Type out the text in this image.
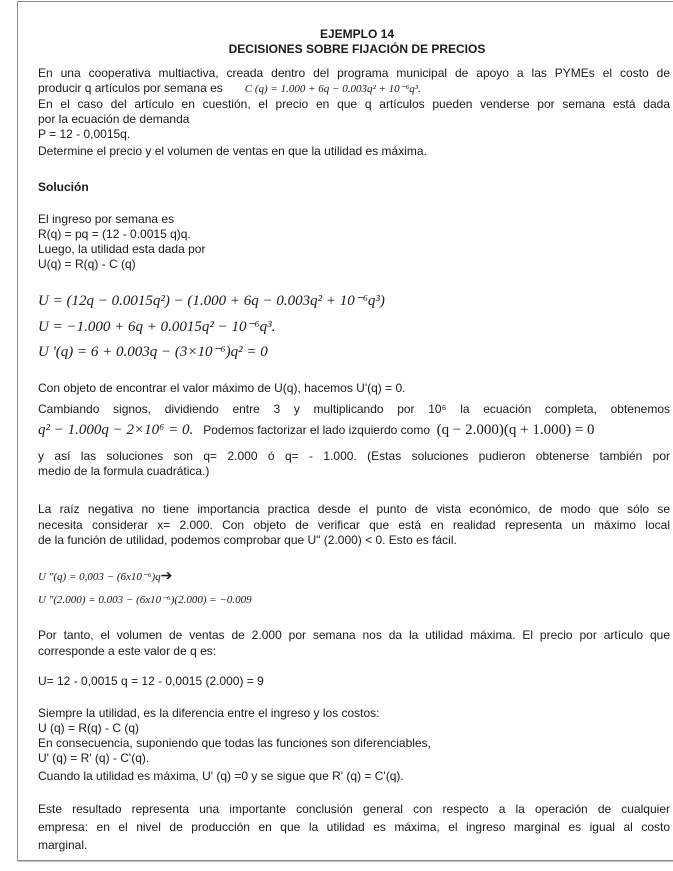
EJEMPLO 14
DECISIONES SOBRE FIJACIÓN DE PRECIOS
En una cooperativa multiactiva, creada dentro del programa municipal de apoyo a las PYMEs el costo de
producir q artículos por semana es C (q) = 1.000 + 6q − 0.003q² + 10⁻⁶q³.
En el caso del artículo en cuestión, el precio en que q artículos pueden venderse por semana está dada
por la ecuación de demanda
P = 12 - 0,0015q.
Determine el precio y el volumen de ventas en que la utilidad es máxima.
Solución
El ingreso por semana es
R(q) = pq = (12 - 0.0015 q)q.
Luego, la utilidad esta dada por
U(q) = R(q) - C (q)
U = (12q − 0.0015q²) − (1.000 + 6q − 0.003q² + 10⁻⁶q³)
U = −1.000 + 6q + 0.0015q² − 10⁻⁶q³.
U '(q) = 6 + 0.003q − (3×10⁻⁶)q² = 0
Con objeto de encontrar el valor máximo de U(q), hacemos U'(q) = 0.
Cambiando signos, dividiendo entre 3 y multiplicando por 10⁶ la ecuación completa, obtenemos
q² − 1.000q − 2×10⁶ = 0. Podemos factorizar el lado izquierdo como (q − 2.000)(q + 1.000) = 0
y así las soluciones son q= 2.000 ó q= - 1.000. (Estas soluciones pudieron obtenerse también por
medio de la formula cuadrática.)
La raíz negativa no tiene importancia practica desde el punto de vista económico, de modo que sólo se
necesita considerar x= 2.000. Con objeto de verificar que está en realidad representa un máximo local
de la función de utilidad, podemos comprobar que U" (2.000) < 0. Esto es fácil.
U ''(q) = 0,003 − (6x10⁻⁶)q➔
U ''(2.000) = 0.003 − (6x10⁻⁶)(2.000) = −0.009
Por tanto, el volumen de ventas de 2.000 por semana nos da la utilidad máxima. El precio por artículo que
corresponde a este valor de q es:
U= 12 - 0,0015 q = 12 - 0,0015 (2.000) = 9
Siempre la utilidad, es la diferencia entre el ingreso y los costos:
U (q) = R(q) - C (q)
En consecuencia, suponiendo que todas las funciones son diferenciables,
U' (q) = R' (q) - C'(q).
Cuando la utilidad es máxima, U' (q) =0 y se sigue que R' (q) = C'(q).
Este resultado representa una importante conclusión general con respecto a la operación de cualquier
empresa: en el nivel de producción en que la utilidad es máxima, el ingreso marginal es igual al costo
marginal.
